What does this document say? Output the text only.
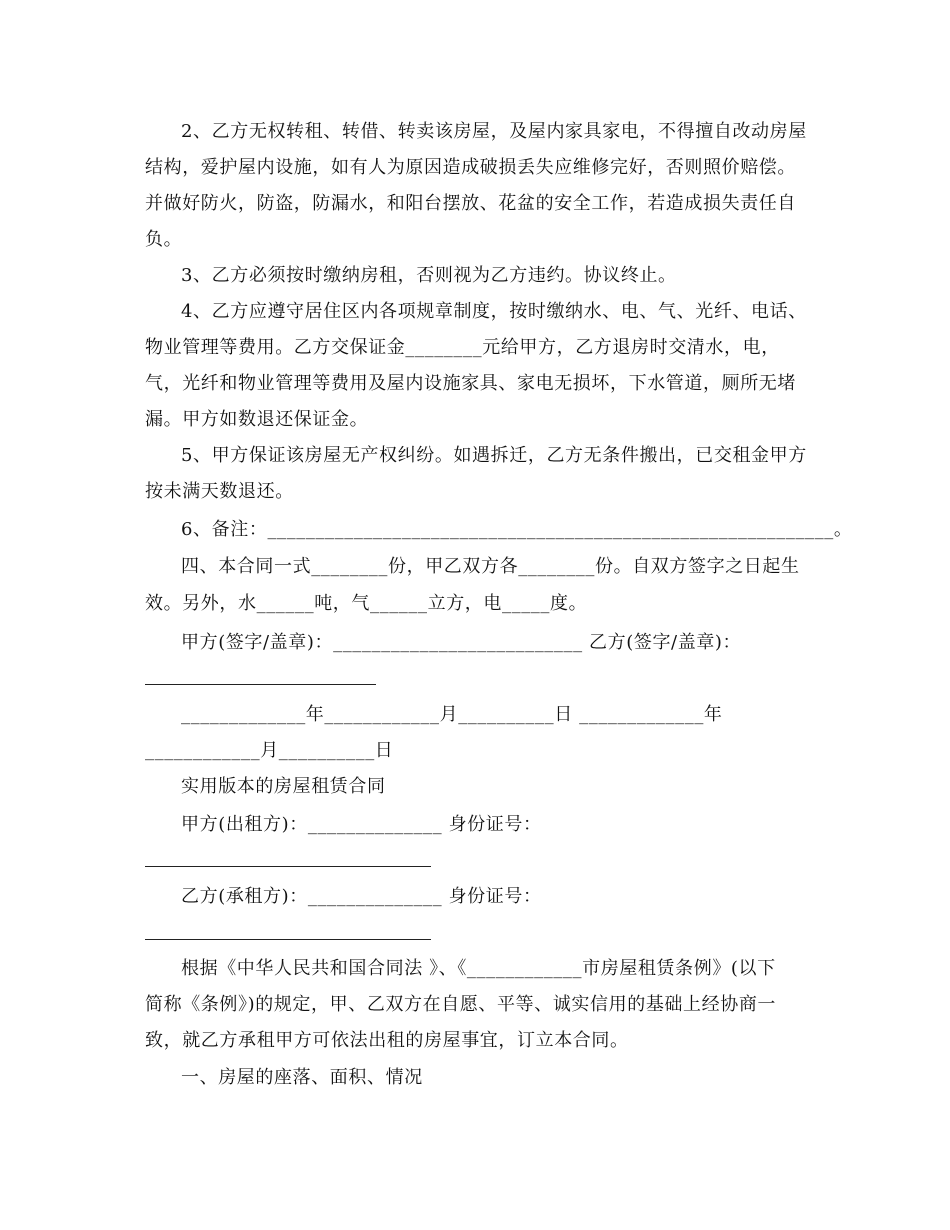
2、乙方无权转租、转借、转卖该房屋，及屋内家具家电，不得擅自改动房屋
结构，爱护屋内设施，如有人为原因造成破损丢失应维修完好，否则照价赔偿。
并做好防火，防盗，防漏水，和阳台摆放、花盆的安全工作，若造成损失责任自
负。
3、乙方必须按时缴纳房租，否则视为乙方违约。协议终止。
4、乙方应遵守居住区内各项规章制度，按时缴纳水、电、气、光纤、电话、
物业管理等费用。乙方交保证金________元给甲方，乙方退房时交清水，电，
气，光纤和物业管理等费用及屋内设施家具、家电无损坏，下水管道，厕所无堵
漏。甲方如数退还保证金。
5、甲方保证该房屋无产权纠纷。如遇拆迁，乙方无条件搬出，已交租金甲方
按未满天数退还。
6、备注：___________________________________________________________。
四、本合同一式________份，甲乙双方各________份。自双方签字之日起生
效。另外，水______吨，气______立方，电_____度。
甲方(签字/盖章)：__________________________ 乙方(签字/盖章)：
_____________年____________月__________日 _____________年
____________月__________日
实用版本的房屋租赁合同
甲方(出租方)：______________ 身份证号：
乙方(承租方)：______________ 身份证号：
根据《中华人民共和国合同法 》、《____________市房屋租赁条例》(以下
简称《条例》)的规定，甲、乙双方在自愿、平等、诚实信用的基础上经协商一
致，就乙方承租甲方可依法出租的房屋事宜，订立本合同。
一、房屋的座落、面积、情况
